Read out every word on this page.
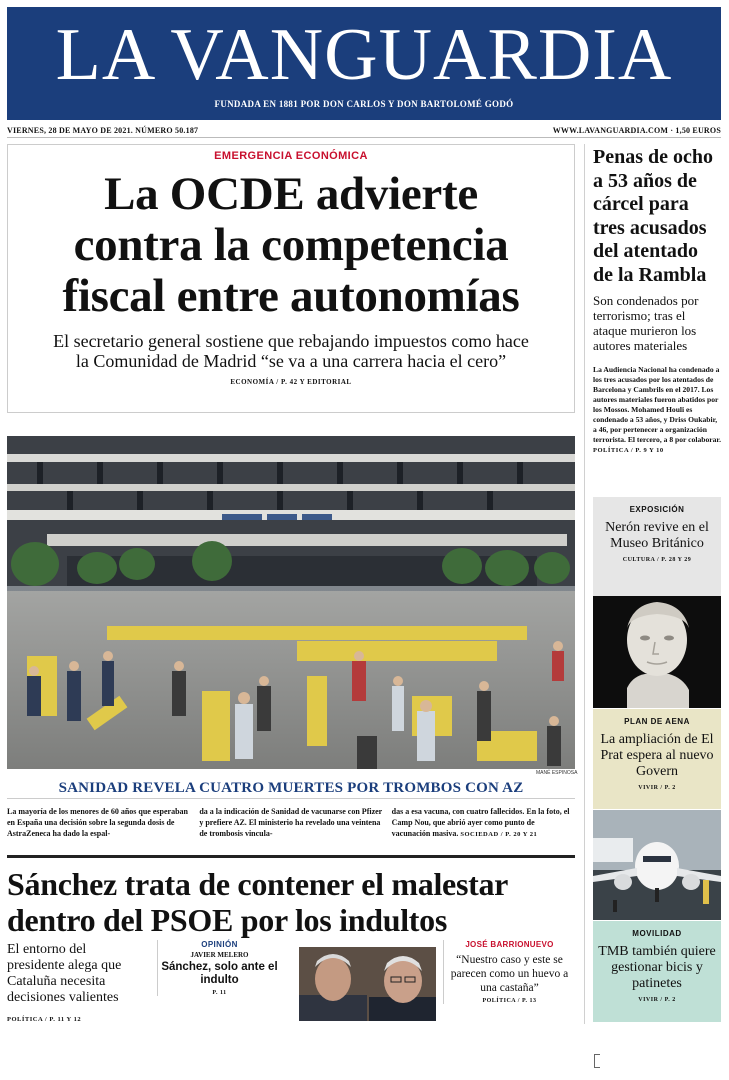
LA VANGUARDIA
FUNDADA EN 1881 POR DON CARLOS Y DON BARTOLOMÉ GODÓ
VIERNES, 28 DE MAYO DE 2021. NÚMERO 50.187	WWW.LAVANGUARDIA.COM · 1,50 EUROS
EMERGENCIA ECONÓMICA
La OCDE advierte
contra la competencia
fiscal entre autonomías

El secretario general sostiene que rebajando impuestos como hace
la Comunidad de Madrid “se va a una carrera hacia el cero”

ECONOMÍA / P. 42 Y EDITORIAL
MANÉ ESPINOSA
SANIDAD REVELA CUATRO MUERTES POR TROMBOS CON AZ

La mayoría de los menores de 60 años que esperaban en España una decisión sobre la segunda dosis de AstraZeneca ha dado la espal-

da a la indicación de Sanidad de vacunarse con Pfizer y prefiere AZ. El ministerio ha revelado una veintena de trombosis vincula-

das a esa vacuna, con cuatro fallecidos. En la foto, el Camp Nou, que abrió ayer como punto de vacunación masiva. SOCIEDAD / P. 20 Y 21

Sánchez trata de contener el malestar
dentro del PSOE por los indultos
El entorno del presidente alega que Cataluña necesita decisiones valientes
POLÍTICA / P. 11 Y 12
OPINIÓN
JAVIER MELERO
Sánchez, solo ante el indulto
P. 11
JOSÉ BARRIONUEVO
“Nuestro caso y este se parecen como un huevo a una castaña”
POLÍTICA / P. 13
Penas de ocho a 53 años de cárcel para tres acusados del atentado de la Rambla

Son condenados por terrorismo; tras el ataque murieron los autores materiales

La Audiencia Nacional ha condenado a los tres acusados por los atentados de Barcelona y Cambrils en el 2017. Los autores materiales fueron abatidos por los Mossos. Mohamed Houli es condenado a 53 años, y Driss Oukabir, a 46, por pertenecer a organización terrorista. El tercero, a 8 por colaborar. POLÍTICA / P. 9 Y 10

EXPOSICIÓN
Nerón revive en el Museo Británico
CULTURA / P. 28 Y 29
PLAN DE AENA
La ampliación de El Prat espera al nuevo Govern
VIVIR / P. 2
MOVILIDAD
TMB también quiere gestionar bicis y patinetes
VIVIR / P. 2
